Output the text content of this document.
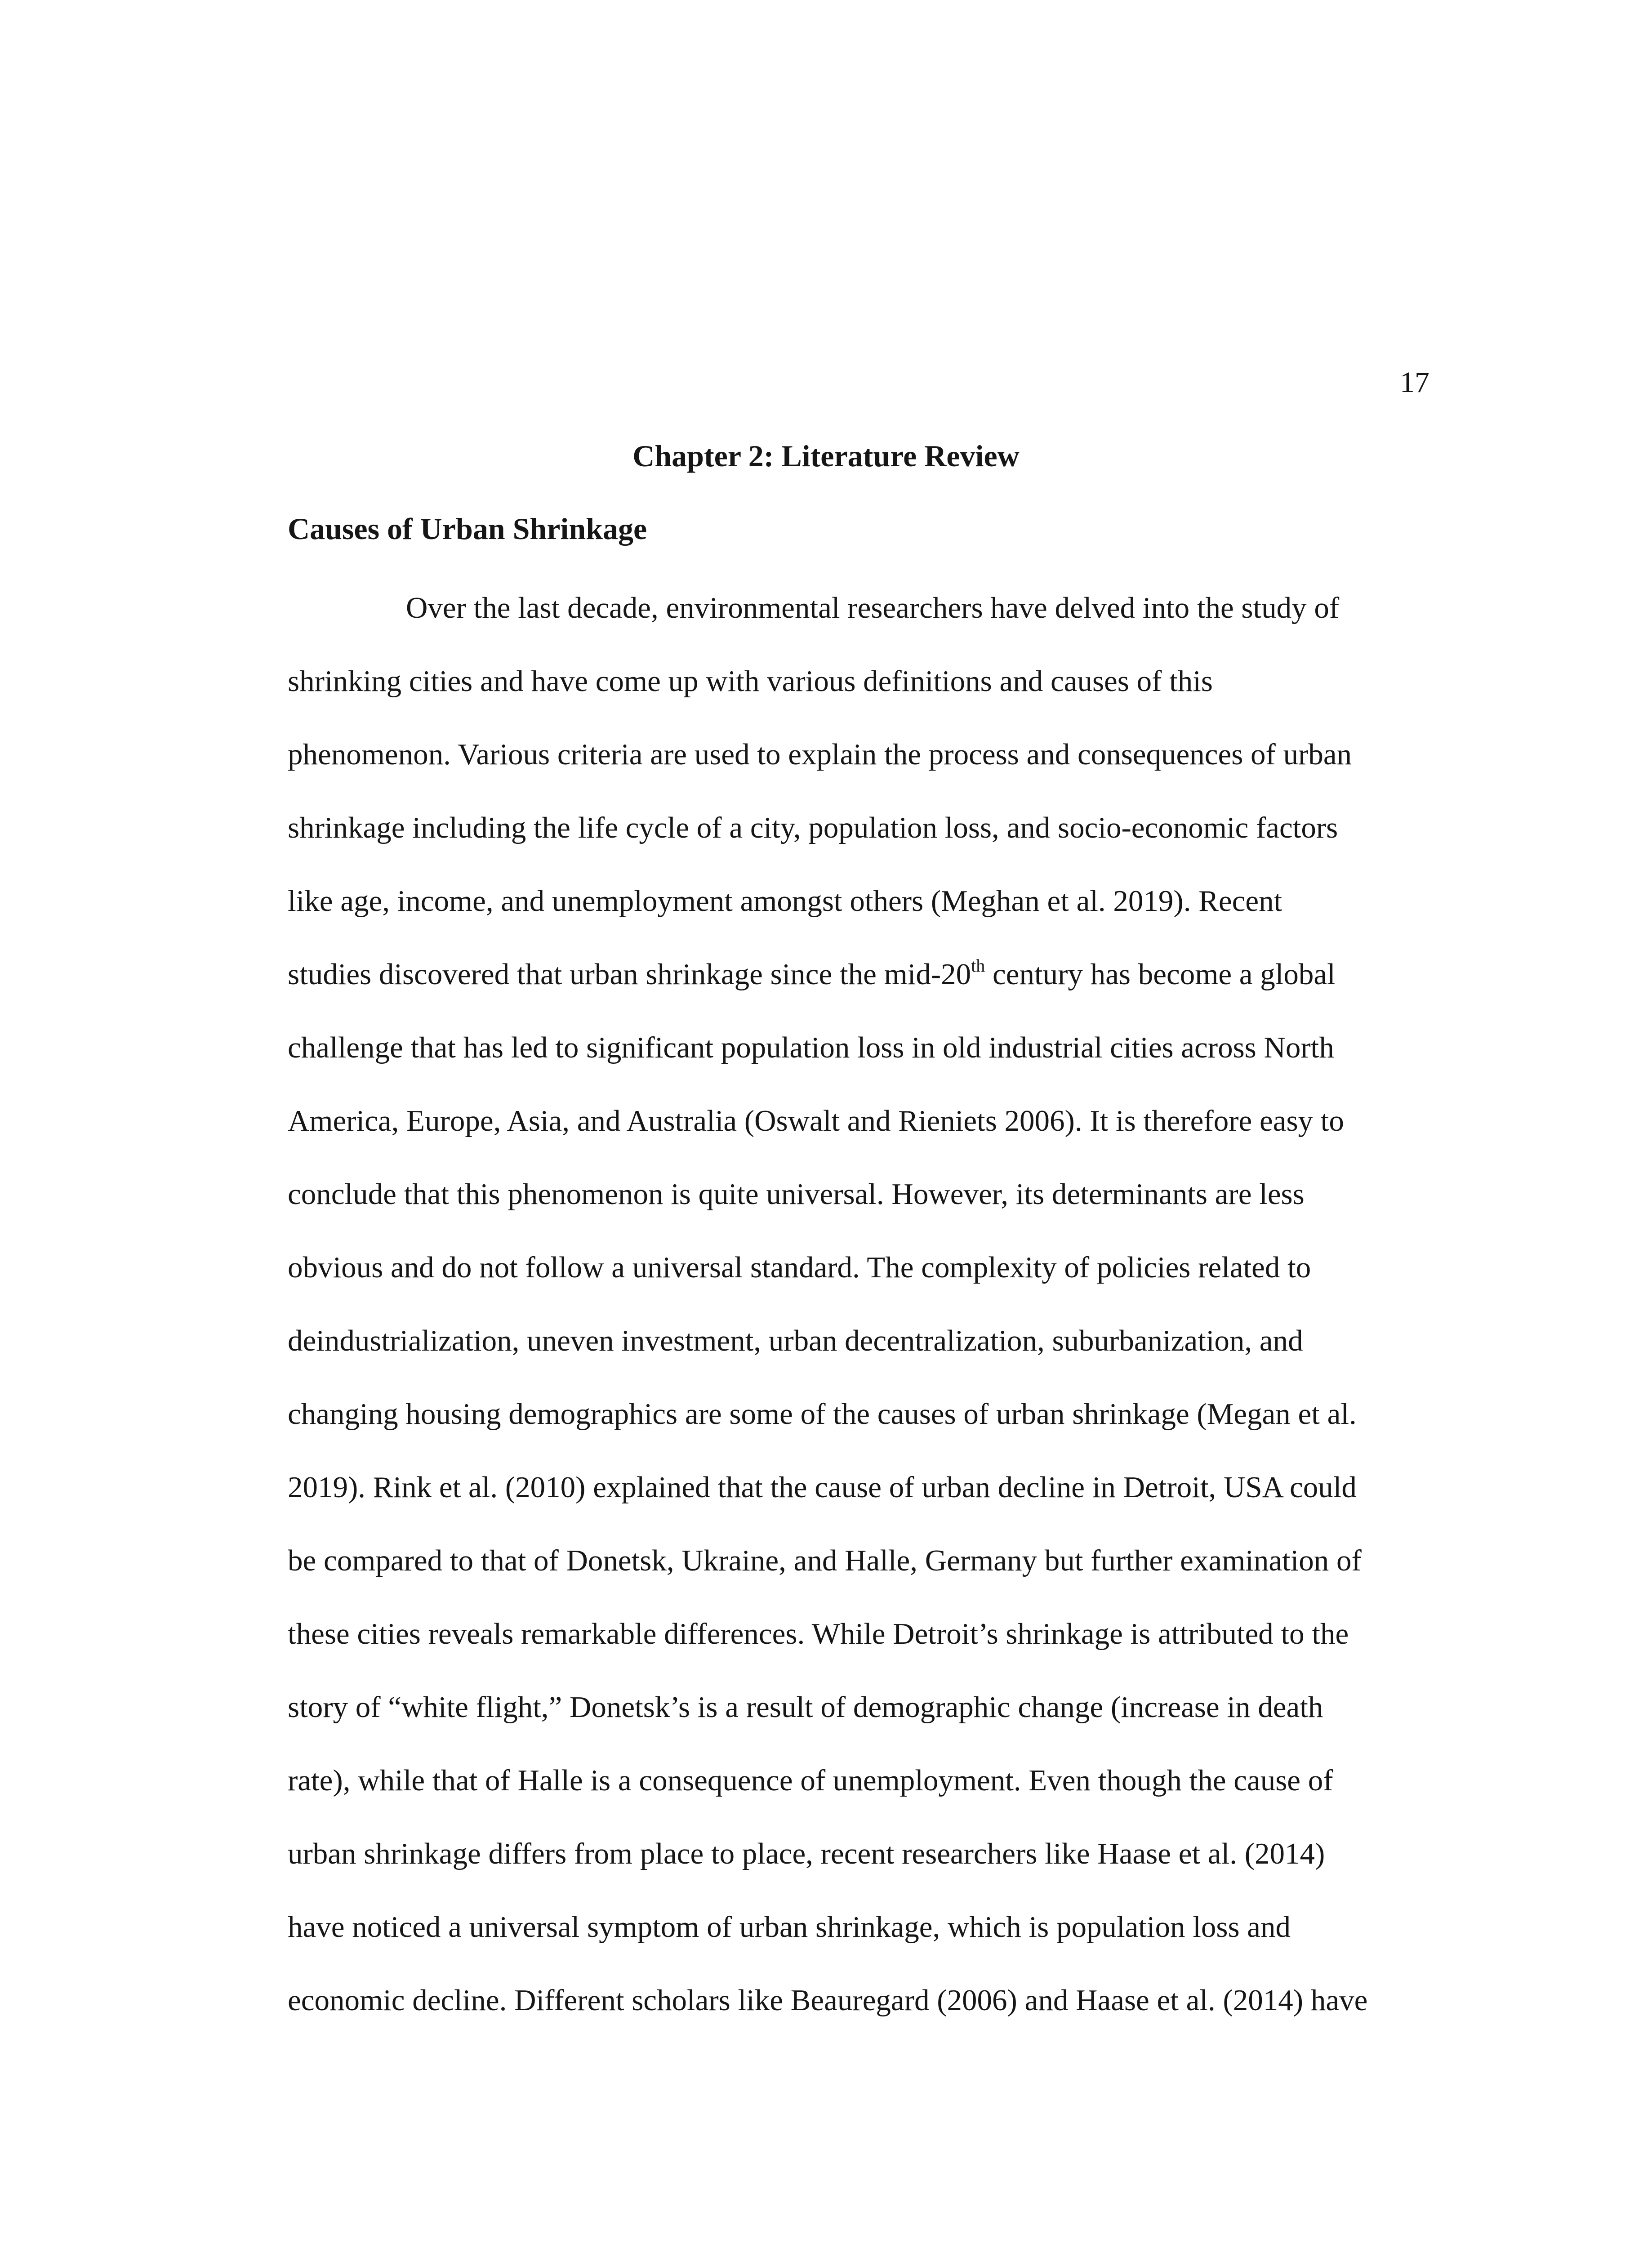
17

Chapter 2: Literature Review
Causes of Urban Shrinkage
Over the last decade, environmental researchers have delved into the study of
shrinking cities and have come up with various definitions and causes of this
phenomenon. Various criteria are used to explain the process and consequences of urban
shrinkage including the life cycle of a city, population loss, and socio-economic factors
like age, income, and unemployment amongst others (Meghan et al. 2019). Recent
studies discovered that urban shrinkage since the mid-20th century has become a global
challenge that has led to significant population loss in old industrial cities across North
America, Europe, Asia, and Australia (Oswalt and Rieniets 2006). It is therefore easy to
conclude that this phenomenon is quite universal. However, its determinants are less
obvious and do not follow a universal standard. The complexity of policies related to
deindustrialization, uneven investment, urban decentralization, suburbanization, and
changing housing demographics are some of the causes of urban shrinkage (Megan et al.
2019). Rink et al. (2010) explained that the cause of urban decline in Detroit, USA could
be compared to that of Donetsk, Ukraine, and Halle, Germany but further examination of
these cities reveals remarkable differences. While Detroit’s shrinkage is attributed to the
story of “white flight,” Donetsk’s is a result of demographic change (increase in death
rate), while that of Halle is a consequence of unemployment. Even though the cause of
urban shrinkage differs from place to place, recent researchers like Haase et al. (2014)
have noticed a universal symptom of urban shrinkage, which is population loss and
economic decline. Different scholars like Beauregard (2006) and Haase et al. (2014) have
